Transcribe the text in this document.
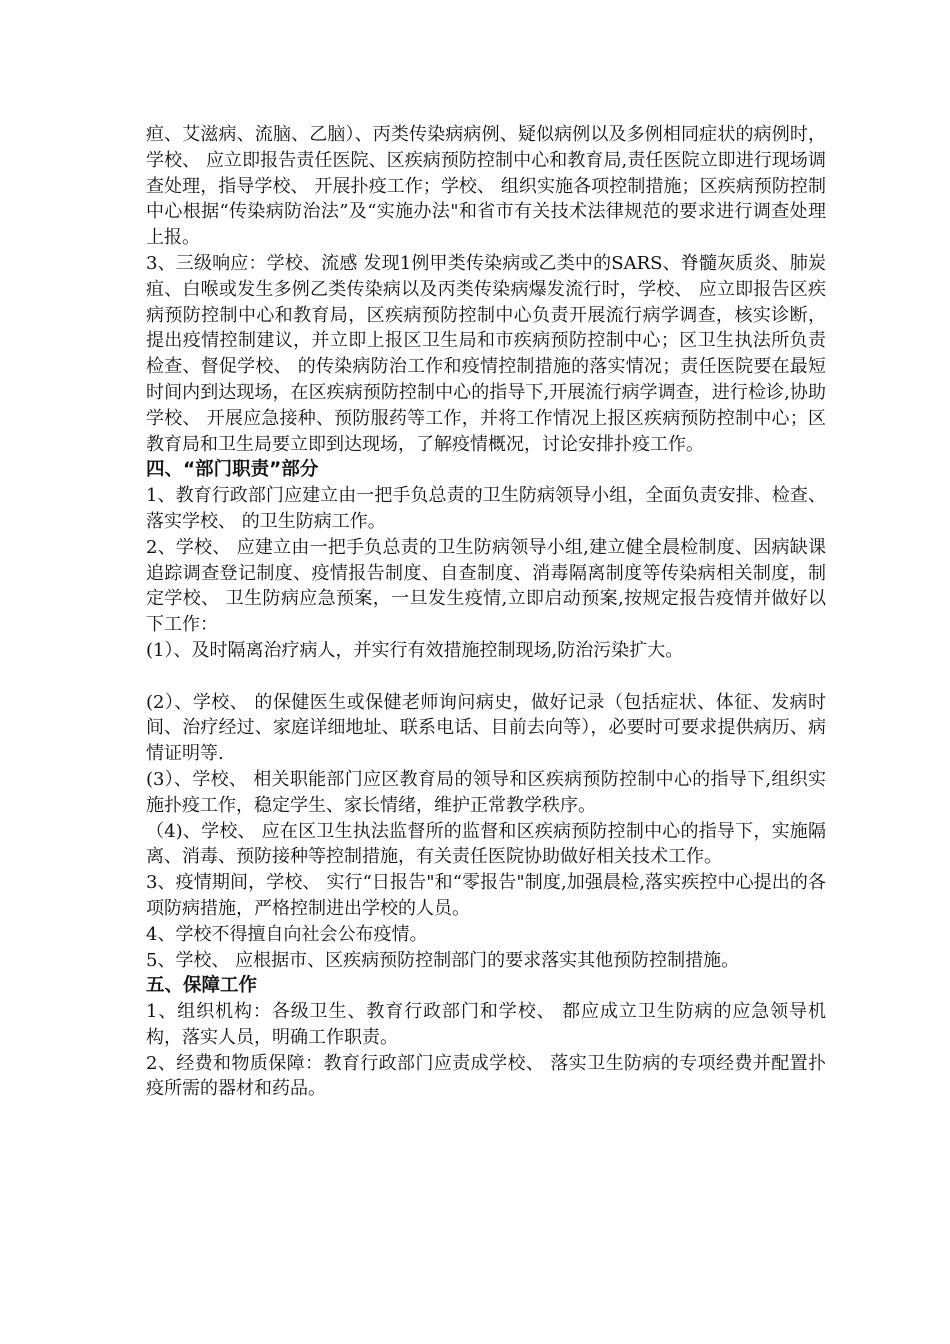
疸、艾滋病、流脑、乙脑）、丙类传染病病例、疑似病例以及多例相同症状的病例时，学校、 应立即报告责任医院、区疾病预防控制中心和教育局,责任医院立即进行现场调查处理，指导学校、 开展扑疫工作；学校、 组织实施各项控制措施；区疾病预防控制中心根据“传染病防治法”及“实施办法"和省市有关技术法律规范的要求进行调查处理上报。

3、三级响应：学校、流感 发现1例甲类传染病或乙类中的SARS、脊髓灰质炎、肺炭疽、白喉或发生多例乙类传染病以及丙类传染病爆发流行时，学校、 应立即报告区疾病预防控制中心和教育局，区疾病预防控制中心负责开展流行病学调查，核实诊断，提出疫情控制建议，并立即上报区卫生局和市疾病预防控制中心；区卫生执法所负责检查、督促学校、 的传染病防治工作和疫情控制措施的落实情况；责任医院要在最短时间内到达现场，在区疾病预防控制中心的指导下,开展流行病学调查，进行检诊,协助学校、 开展应急接种、预防服药等工作，并将工作情况上报区疾病预防控制中心；区教育局和卫生局要立即到达现场，了解疫情概况，讨论安排扑疫工作。

四、“部门职责”部分

1、教育行政部门应建立由一把手负总责的卫生防病领导小组，全面负责安排、检查、落实学校、 的卫生防病工作。

2、学校、 应建立由一把手负总责的卫生防病领导小组,建立健全晨检制度、因病缺课追踪调查登记制度、疫情报告制度、自查制度、消毒隔离制度等传染病相关制度，制定学校、 卫生防病应急预案，一旦发生疫情,立即启动预案,按规定报告疫情并做好以下工作：

(1）、及时隔离治疗病人，并实行有效措施控制现场,防治污染扩大。

(2）、学校、 的保健医生或保健老师询问病史，做好记录（包括症状、体征、发病时间、治疗经过、家庭详细地址、联系电话、目前去向等），必要时可要求提供病历、病情证明等.

(3）、学校、 相关职能部门应区教育局的领导和区疾病预防控制中心的指导下,组织实施扑疫工作，稳定学生、家长情绪，维护正常教学秩序。

（4)、学校、 应在区卫生执法监督所的监督和区疾病预防控制中心的指导下，实施隔离、消毒、预防接种等控制措施，有关责任医院协助做好相关技术工作。

3、疫情期间，学校、 实行“日报告"和“零报告"制度,加强晨检,落实疾控中心提出的各项防病措施，严格控制进出学校的人员。

4、学校不得擅自向社会公布疫情。

5、学校、 应根据市、区疾病预防控制部门的要求落实其他预防控制措施。

五、保障工作

1、组织机构：各级卫生、教育行政部门和学校、 都应成立卫生防病的应急领导机构，落实人员，明确工作职责。

2、经费和物质保障：教育行政部门应责成学校、 落实卫生防病的专项经费并配置扑疫所需的器材和药品。
